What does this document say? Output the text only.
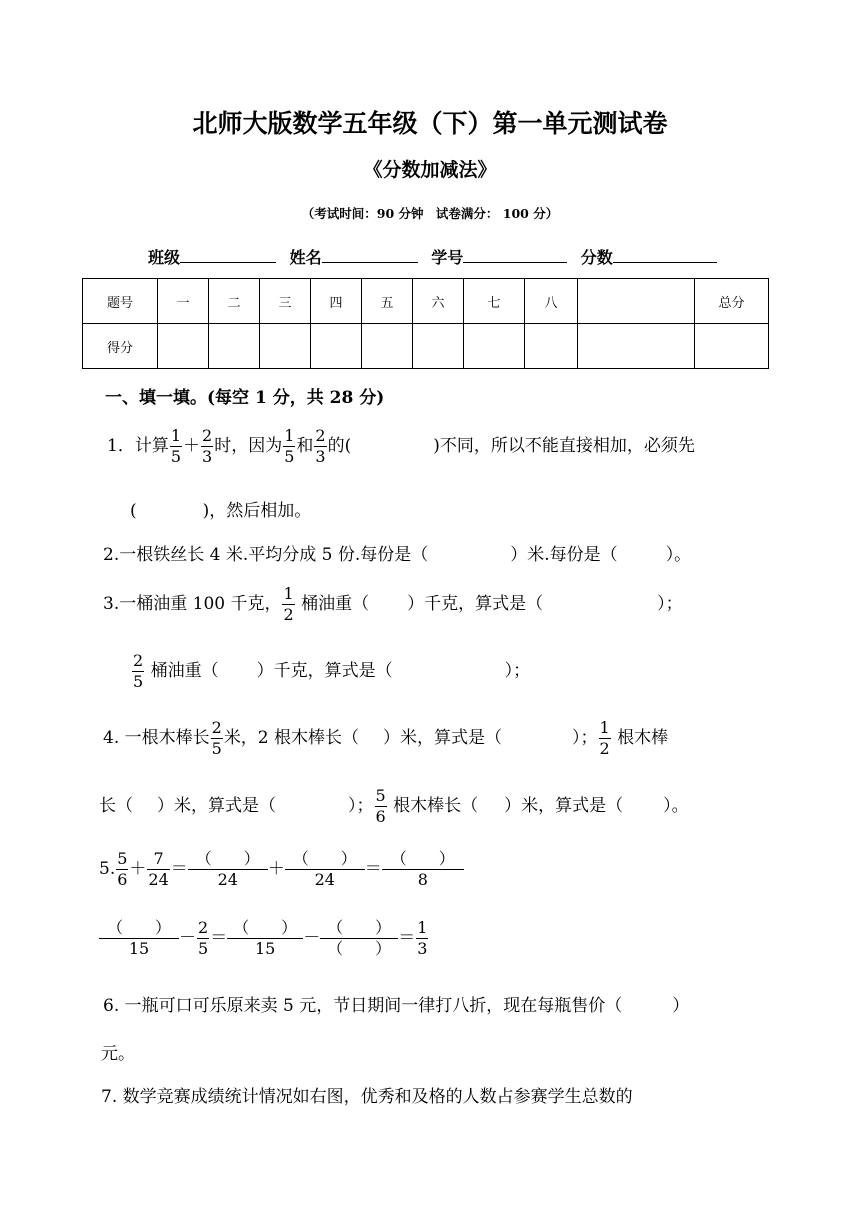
北师大版数学五年级（下）第一单元测试卷
《分数加减法》
（考试时间：90 分钟 试卷满分： 100 分）
班级	姓名	学号	分数
题号	一	二	三	四	五	六	七	八		总分
得分										
一、填一填。(每空 1 分，共 28 分)
1．计算 $\frac{1}{5} + \frac{2}{3}$ 时，因为 $\frac{1}{5}$ 和 $\frac{2}{3}$ 的(	)不同，所以不能直接相加，必须先
(	)，然后相加。
2.一根铁丝长 4 米.平均分成 5 份.每份是（	）米.每份是（	）。
3.一桶油重 100 千克， $\frac{1}{2}$ 桶油重（ ）千克，算式是（	）；
$\frac{2}{5}$ 桶油重（ ）千克，算式是（	）；
4. 一根木棒长 $\frac{2}{5}$ 米，2 根木棒长（ ）米，算式是（	）； $\frac{1}{2}$ 根木棒
长（ ）米，算式是（	）； $\frac{5}{6}$ 根木棒长（ ）米，算式是（ ）。
5. $\frac{5}{6} + \frac{7}{24} = \frac{( )}{24} + \frac{( )}{24} = \frac{( )}{8}$
$\frac{( )}{15} - \frac{2}{5} = \frac{( )}{15} - \frac{( )}{( )} = \frac{1}{3}$
6. 一瓶可口可乐原来卖 5 元，节日期间一律打八折，现在每瓶售价（	）
元。
7. 数学竞赛成绩统计情况如右图，优秀和及格的人数占参赛学生总数的
